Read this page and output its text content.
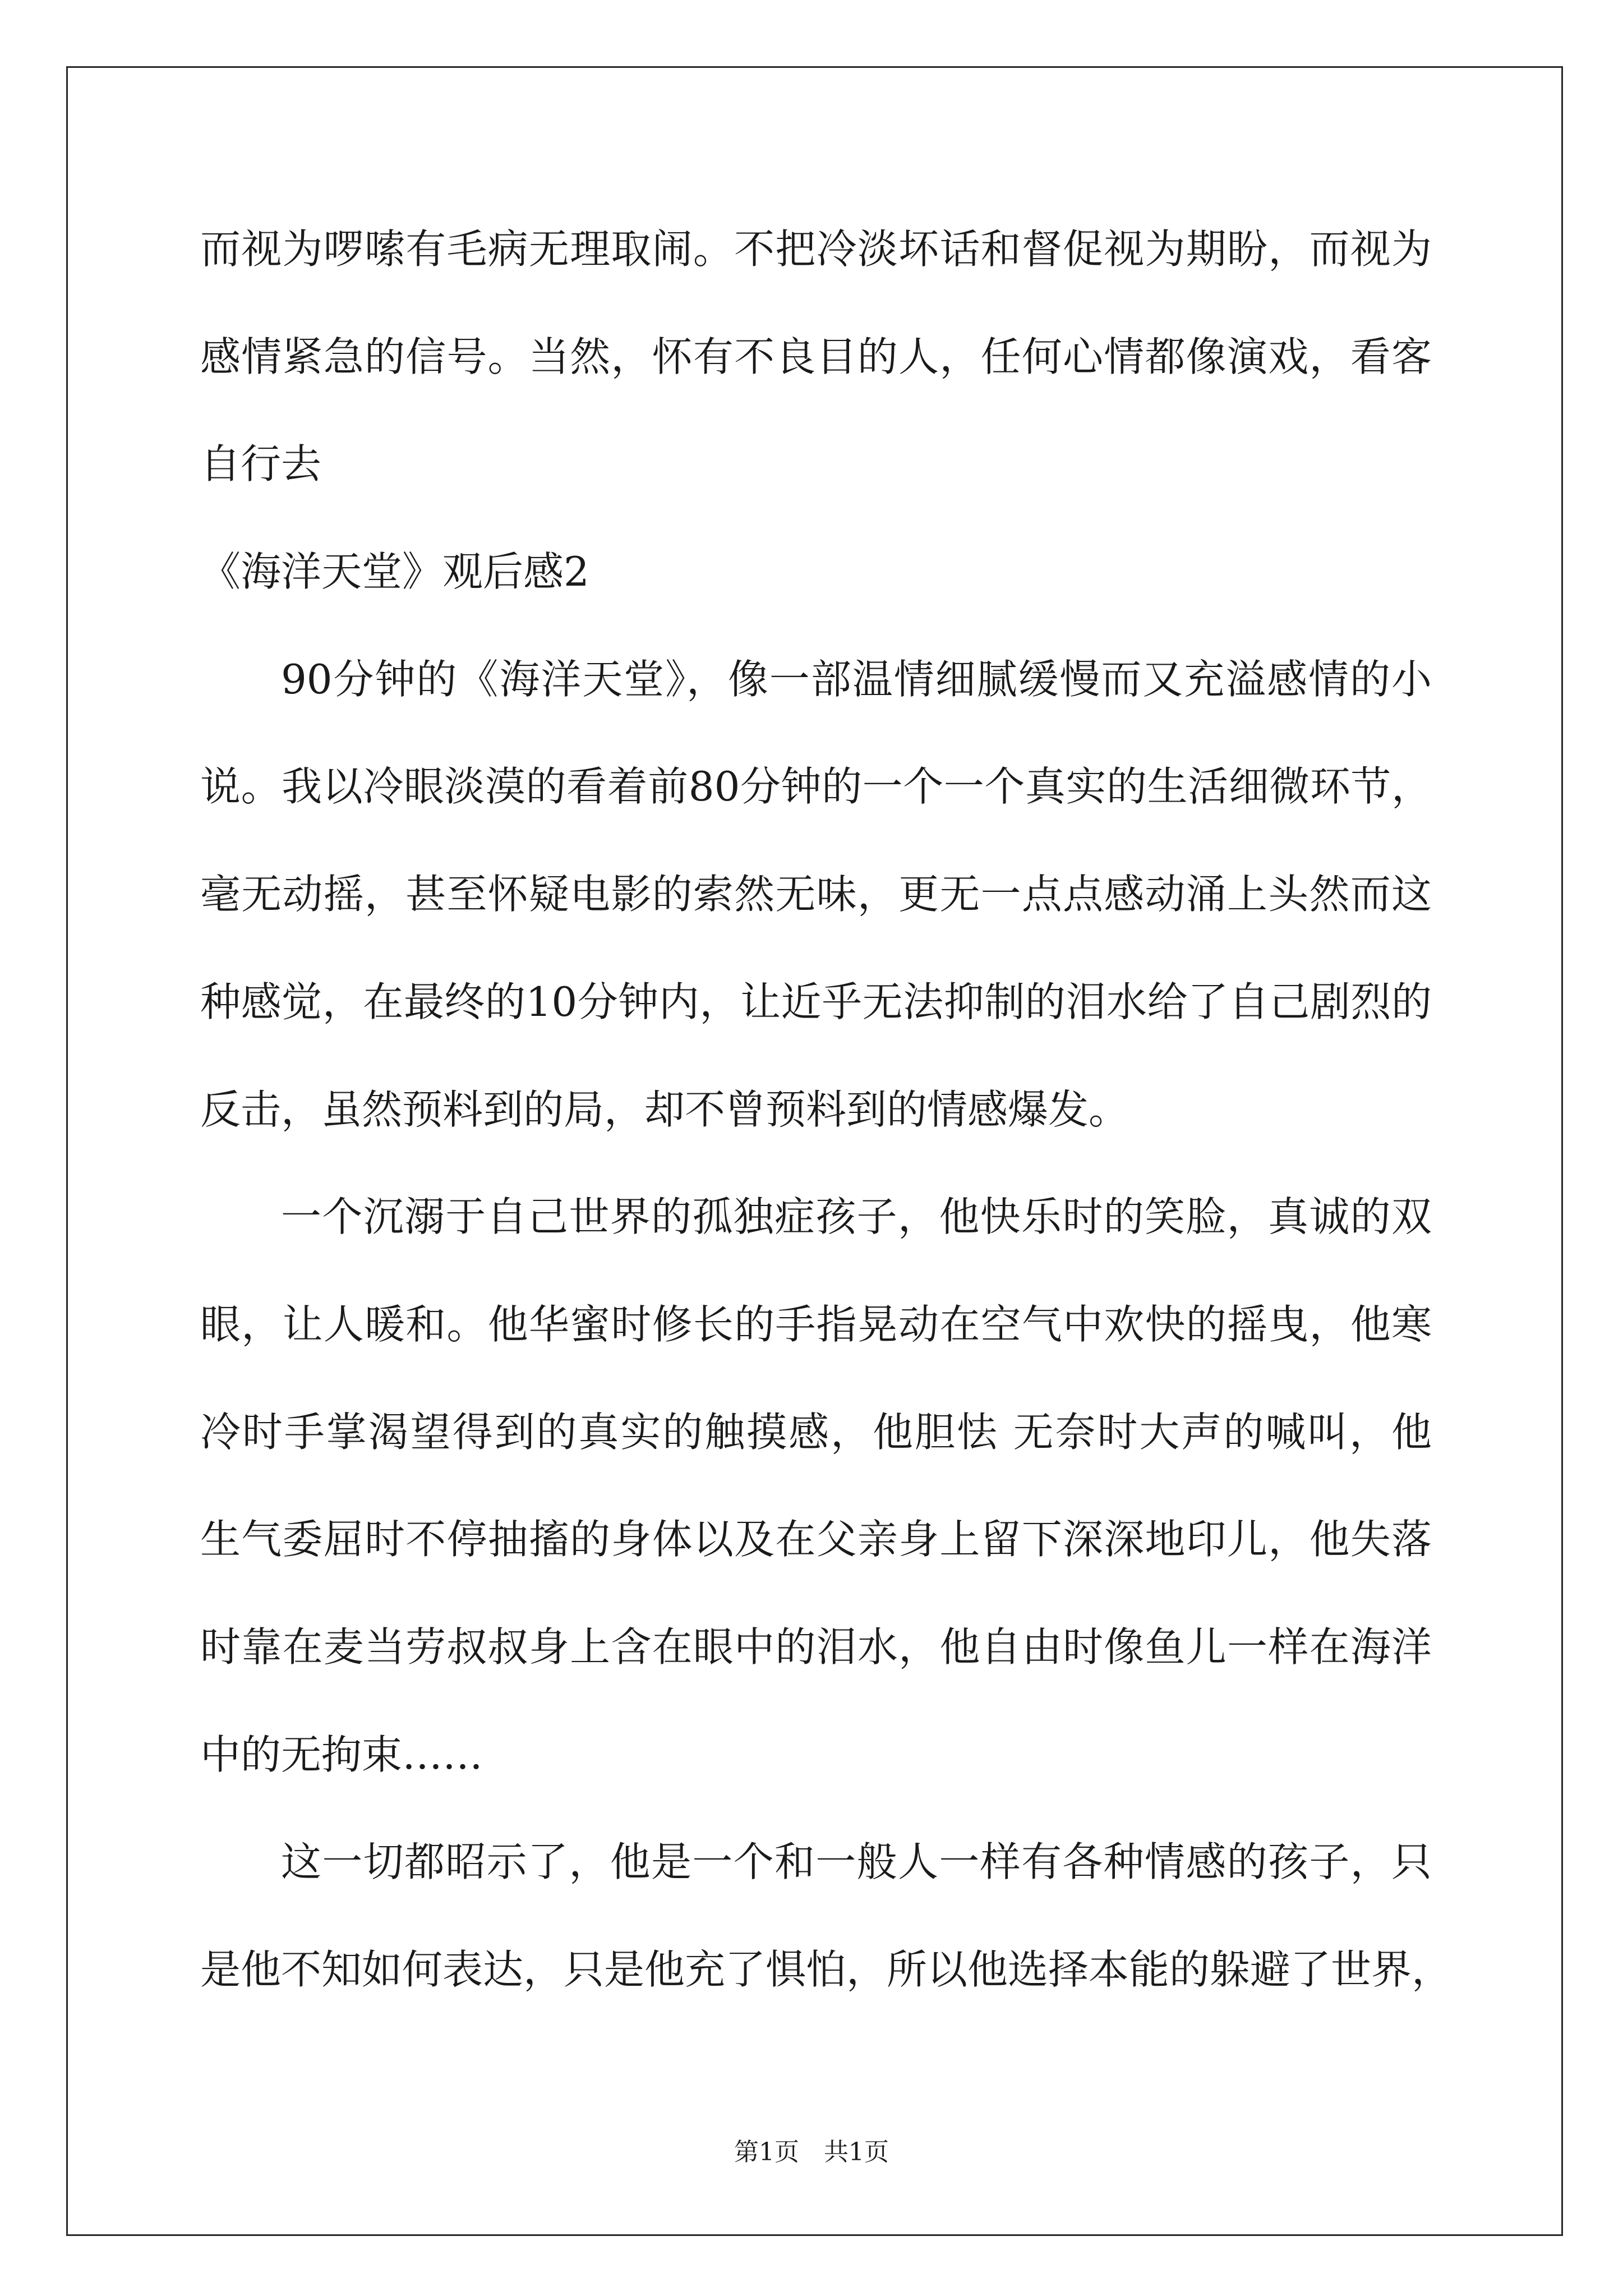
而视为啰嗦有毛病无理取闹。不把冷淡坏话和督促视为期盼，而视为
感情紧急的信号。当然，怀有不良目的人，任何心情都像演戏，看客
自行去
《海洋天堂》观后感2
90分钟的《海洋天堂》，像一部温情细腻缓慢而又充溢感情的小
说。我以冷眼淡漠的看着前80分钟的一个一个真实的生活细微环节，
毫无动摇，甚至怀疑电影的索然无味，更无一点点感动涌上头然而这
种感觉，在最终的10分钟内，让近乎无法抑制的泪水给了自己剧烈的
反击，虽然预料到的局，却不曾预料到的情感爆发。
一个沉溺于自己世界的孤独症孩子，他快乐时的笑脸，真诚的双
眼，让人暖和。他华蜜时修长的手指晃动在空气中欢快的摇曳，他寒
冷时手掌渴望得到的真实的触摸感，他胆怯 无奈时大声的喊叫，他
生气委屈时不停抽搐的身体以及在父亲身上留下深深地印儿，他失落
时靠在麦当劳叔叔身上含在眼中的泪水，他自由时像鱼儿一样在海洋
中的无拘束……
这一切都昭示了，他是一个和一般人一样有各种情感的孩子，只
是他不知如何表达，只是他充了惧怕，所以他选择本能的躲避了世界，
第1页　共1页
